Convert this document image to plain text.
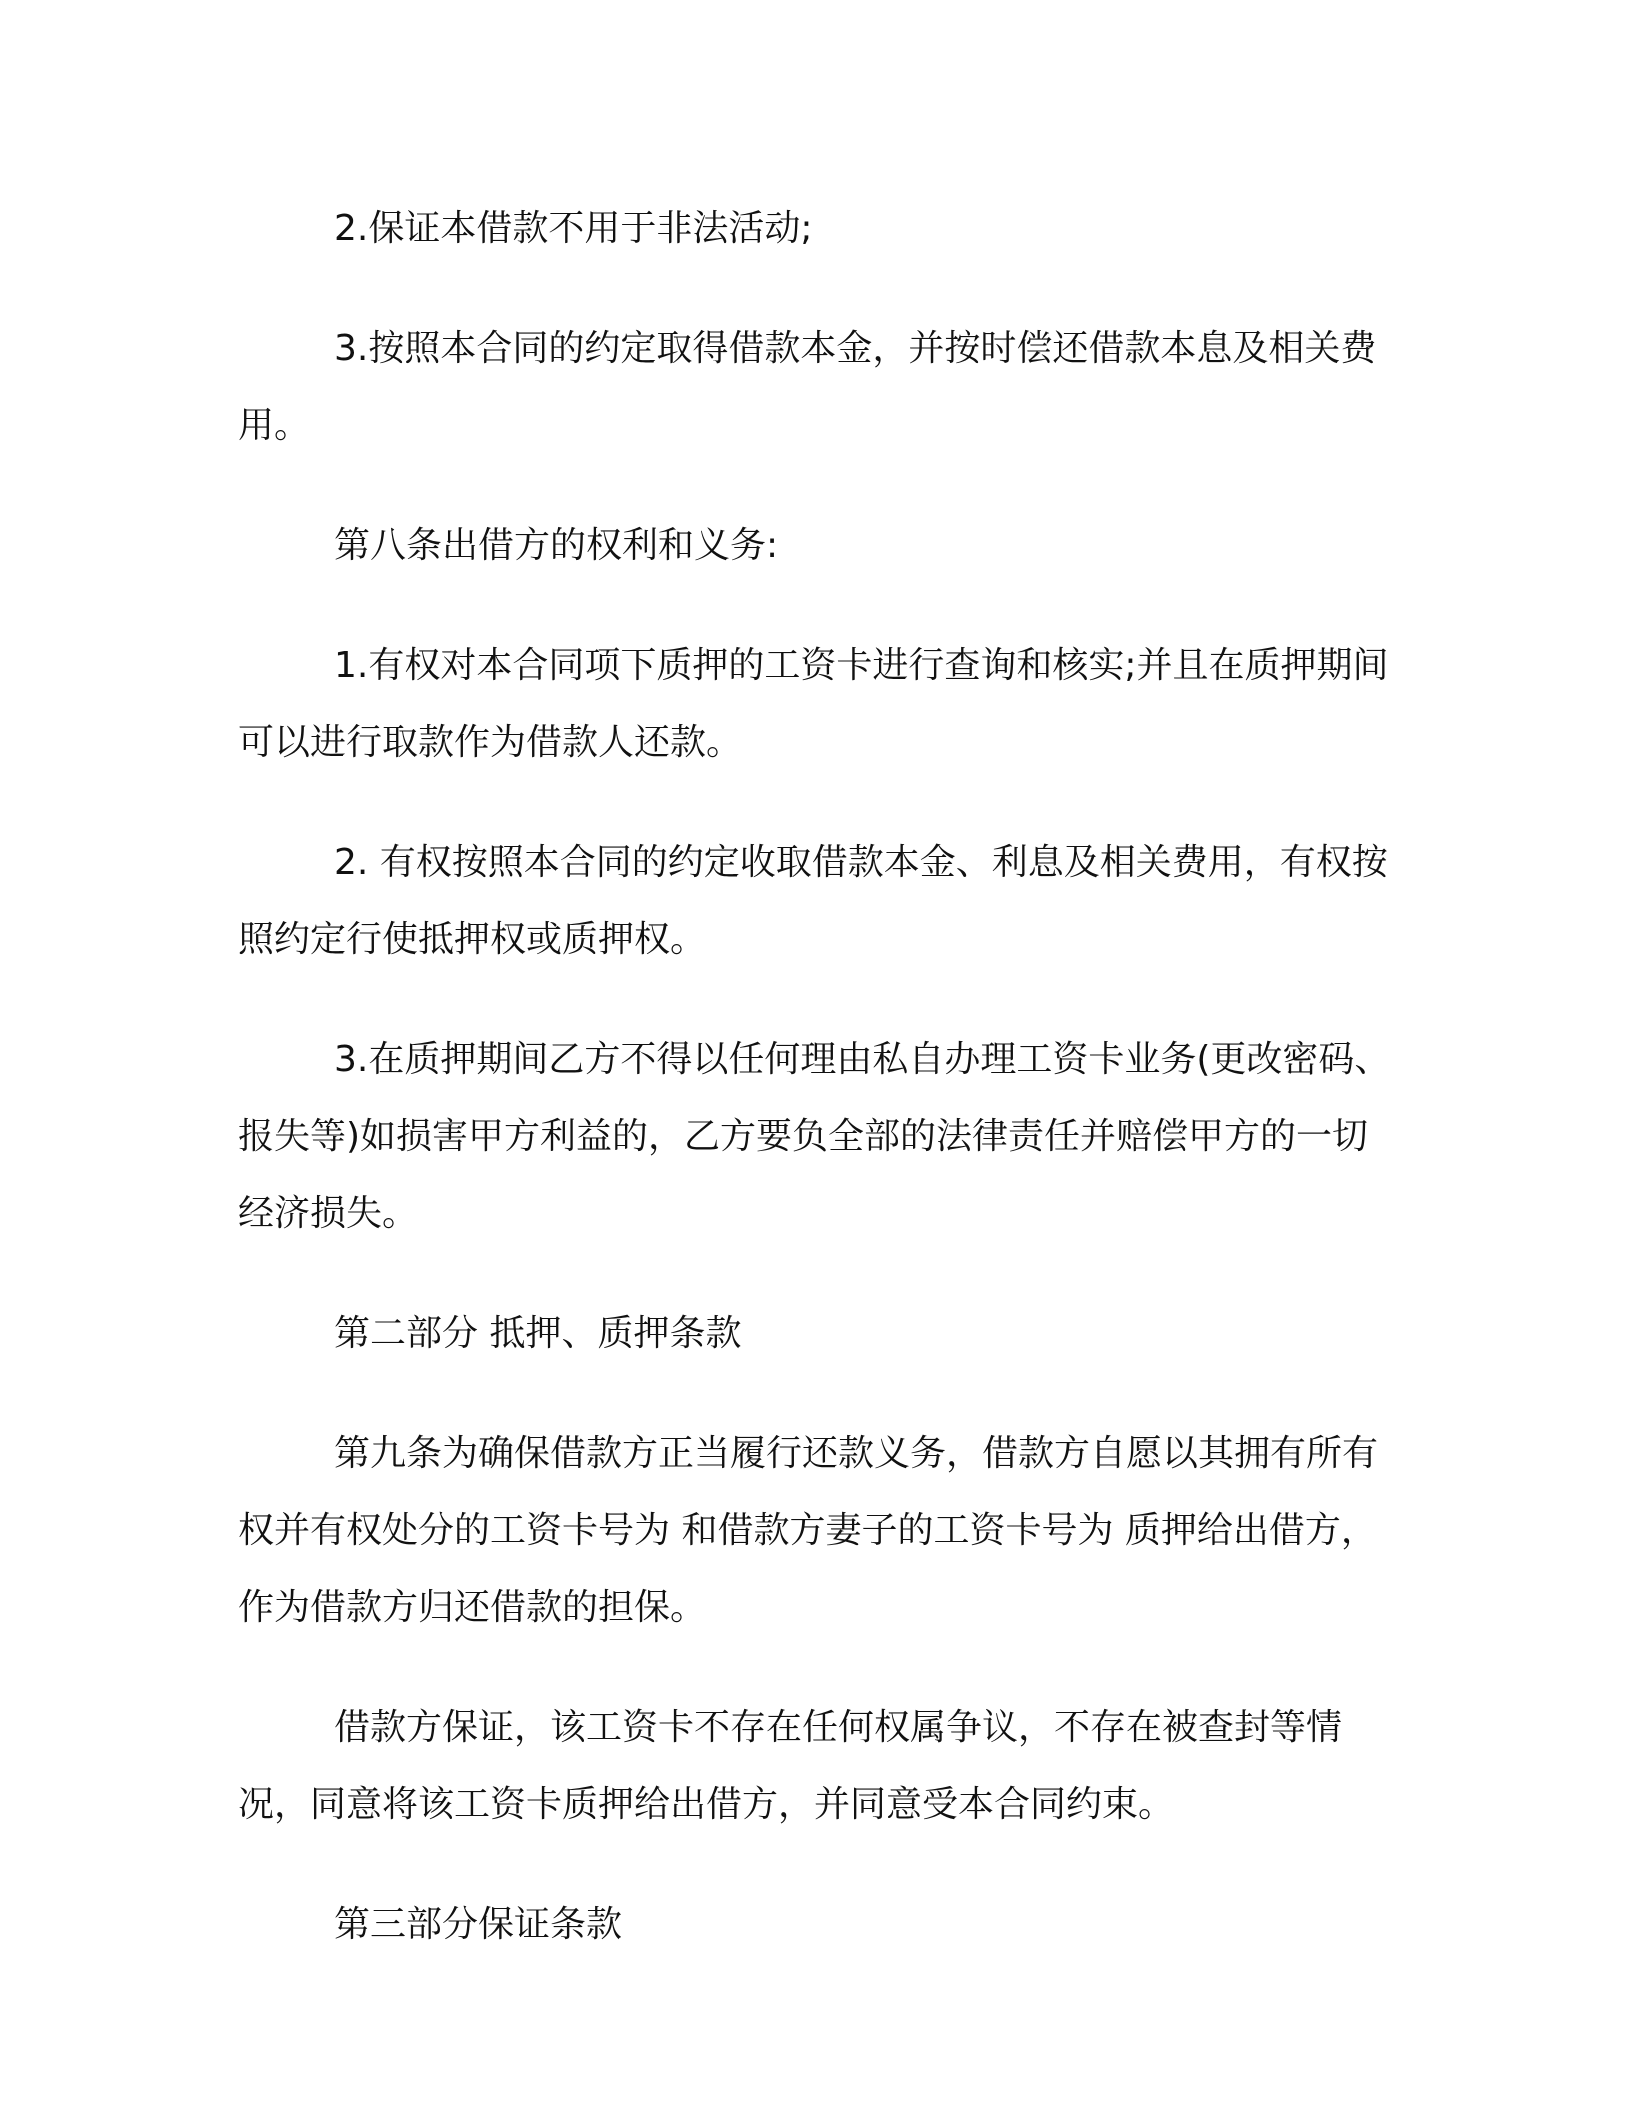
2.保证本借款不用于非法活动;

3.按照本合同的约定取得借款本金，并按时偿还借款本息及相关费用。

第八条出借方的权利和义务:

1.有权对本合同项下质押的工资卡进行查询和核实;并且在质押期间可以进行取款作为借款人还款。

2. 有权按照本合同的约定收取借款本金、利息及相关费用，有权按照约定行使抵押权或质押权。

3.在质押期间乙方不得以任何理由私自办理工资卡业务(更改密码、报失等)如损害甲方利益的，乙方要负全部的法律责任并赔偿甲方的一切经济损失。

第二部分 抵押、质押条款

第九条为确保借款方正当履行还款义务，借款方自愿以其拥有所有权并有权处分的工资卡号为 和借款方妻子的工资卡号为 质押给出借方，作为借款方归还借款的担保。

借款方保证，该工资卡不存在任何权属争议，不存在被查封等情况，同意将该工资卡质押给出借方，并同意受本合同约束。

第三部分保证条款
